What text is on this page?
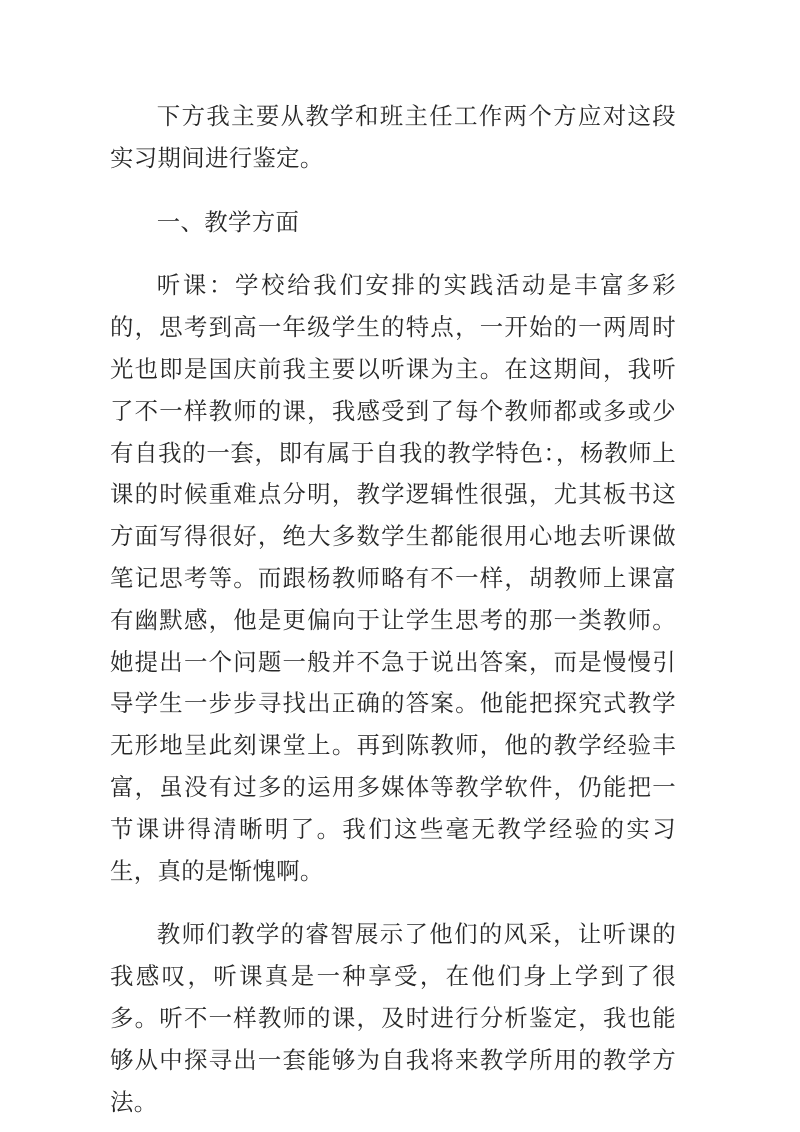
下方我主要从教学和班主任工作两个方应对这段实习期间进行鉴定。

一、教学方面

听课：学校给我们安排的实践活动是丰富多彩的，思考到高一年级学生的特点，一开始的一两周时光也即是国庆前我主要以听课为主。在这期间，我听了不一样教师的课，我感受到了每个教师都或多或少有自我的一套，即有属于自我的教学特色：，杨教师上课的时候重难点分明，教学逻辑性很强，尤其板书这方面写得很好，绝大多数学生都能很用心地去听课做笔记思考等。而跟杨教师略有不一样，胡教师上课富有幽默感，他是更偏向于让学生思考的那一类教师。她提出一个问题一般并不急于说出答案，而是慢慢引导学生一步步寻找出正确的答案。他能把探究式教学无形地呈此刻课堂上。再到陈教师，他的教学经验丰富，虽没有过多的运用多媒体等教学软件，仍能把一节课讲得清晰明了。我们这些毫无教学经验的实习生，真的是惭愧啊。

教师们教学的睿智展示了他们的风采，让听课的我感叹，听课真是一种享受，在他们身上学到了很多。听不一样教师的课，及时进行分析鉴定，我也能够从中探寻出一套能够为自我将来教学所用的教学方法。
